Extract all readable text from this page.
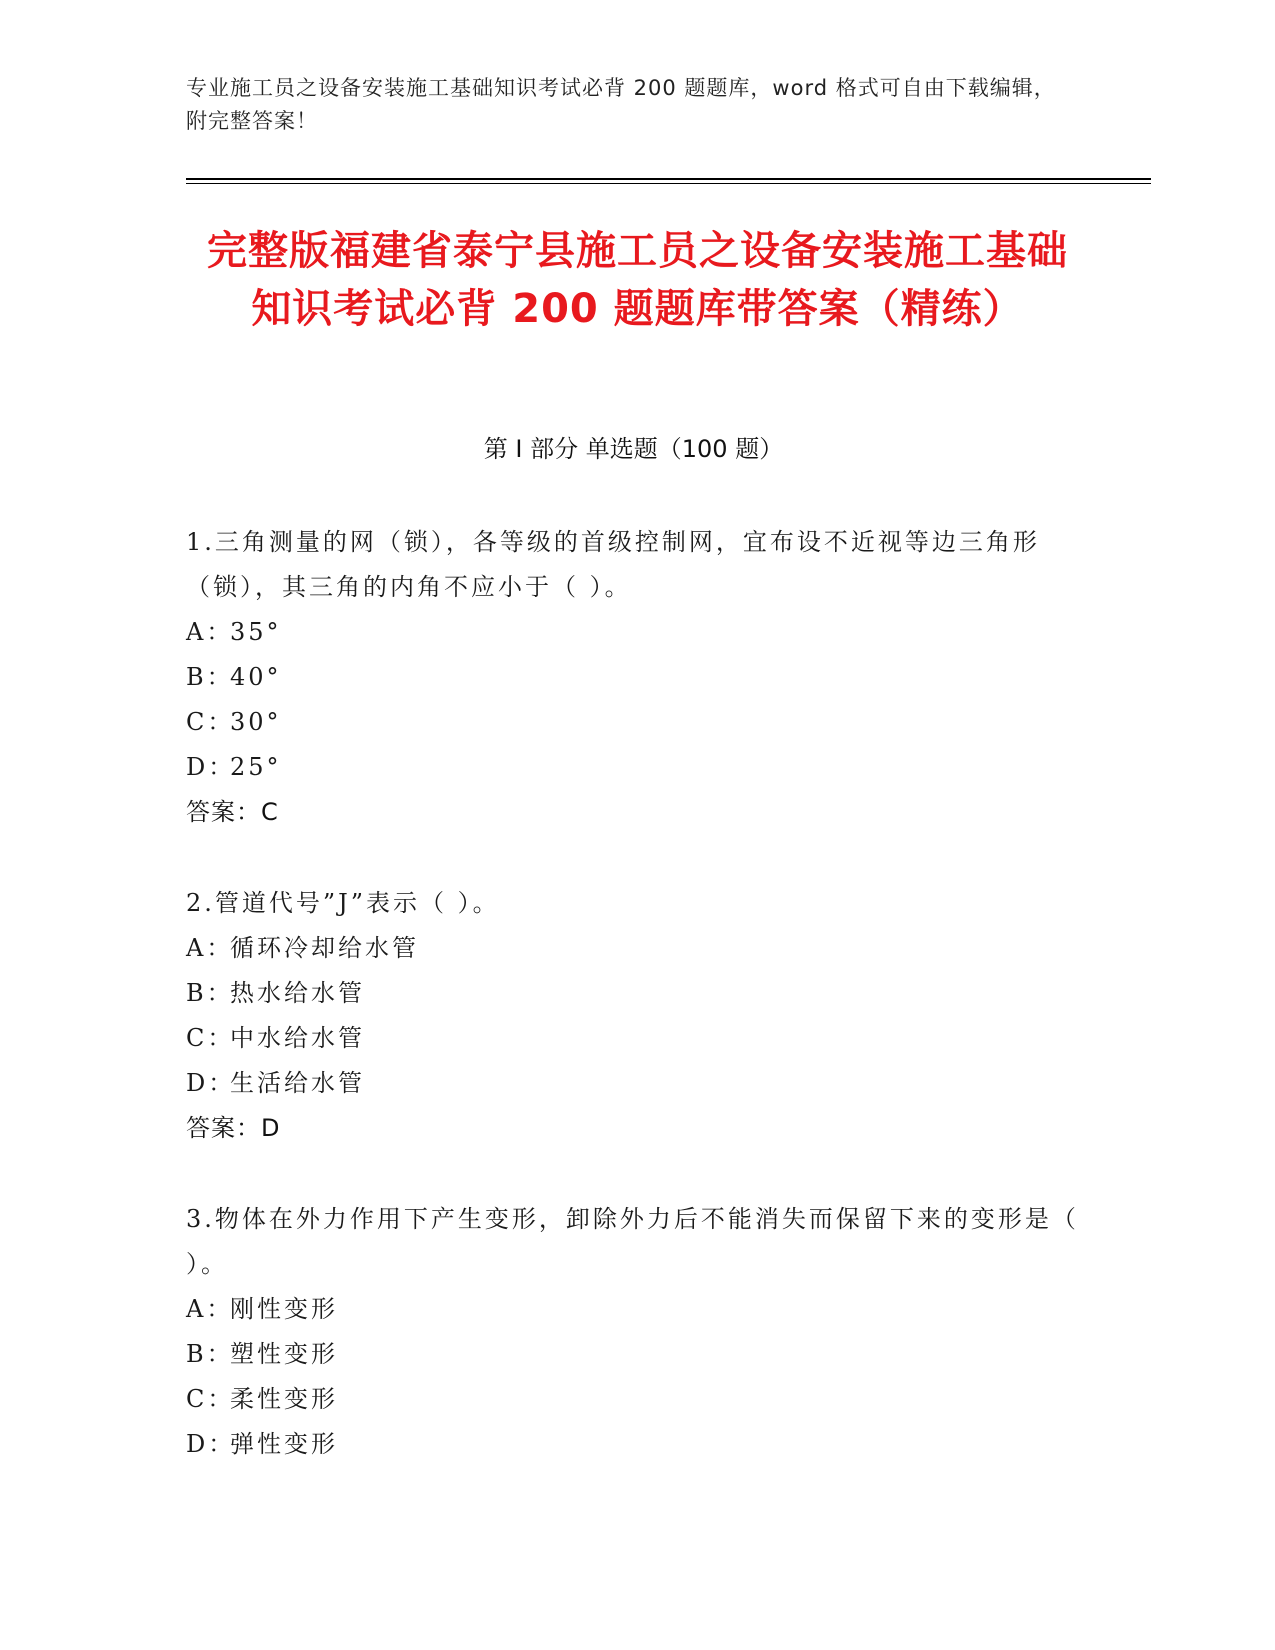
专业施工员之设备安装施工基础知识考试必背 200 题题库，word 格式可自由下载编辑，附完整答案！
完整版福建省泰宁县施工员之设备安装施工基础知识考试必背 200 题题库带答案（精练）
第 I 部分 单选题（100 题）
1.三角测量的网（锁），各等级的首级控制网，宜布设不近视等边三角形（锁），其三角的内角不应小于（ ）。
A：35°
B：40°
C：30°
D：25°
答案：C
2.管道代号”J”表示（ ）。
A：循环冷却给水管
B：热水给水管
C：中水给水管
D：生活给水管
答案：D
3.物体在外力作用下产生变形，卸除外力后不能消失而保留下来的变形是（ ）。
A：刚性变形
B：塑性变形
C：柔性变形
D：弹性变形
